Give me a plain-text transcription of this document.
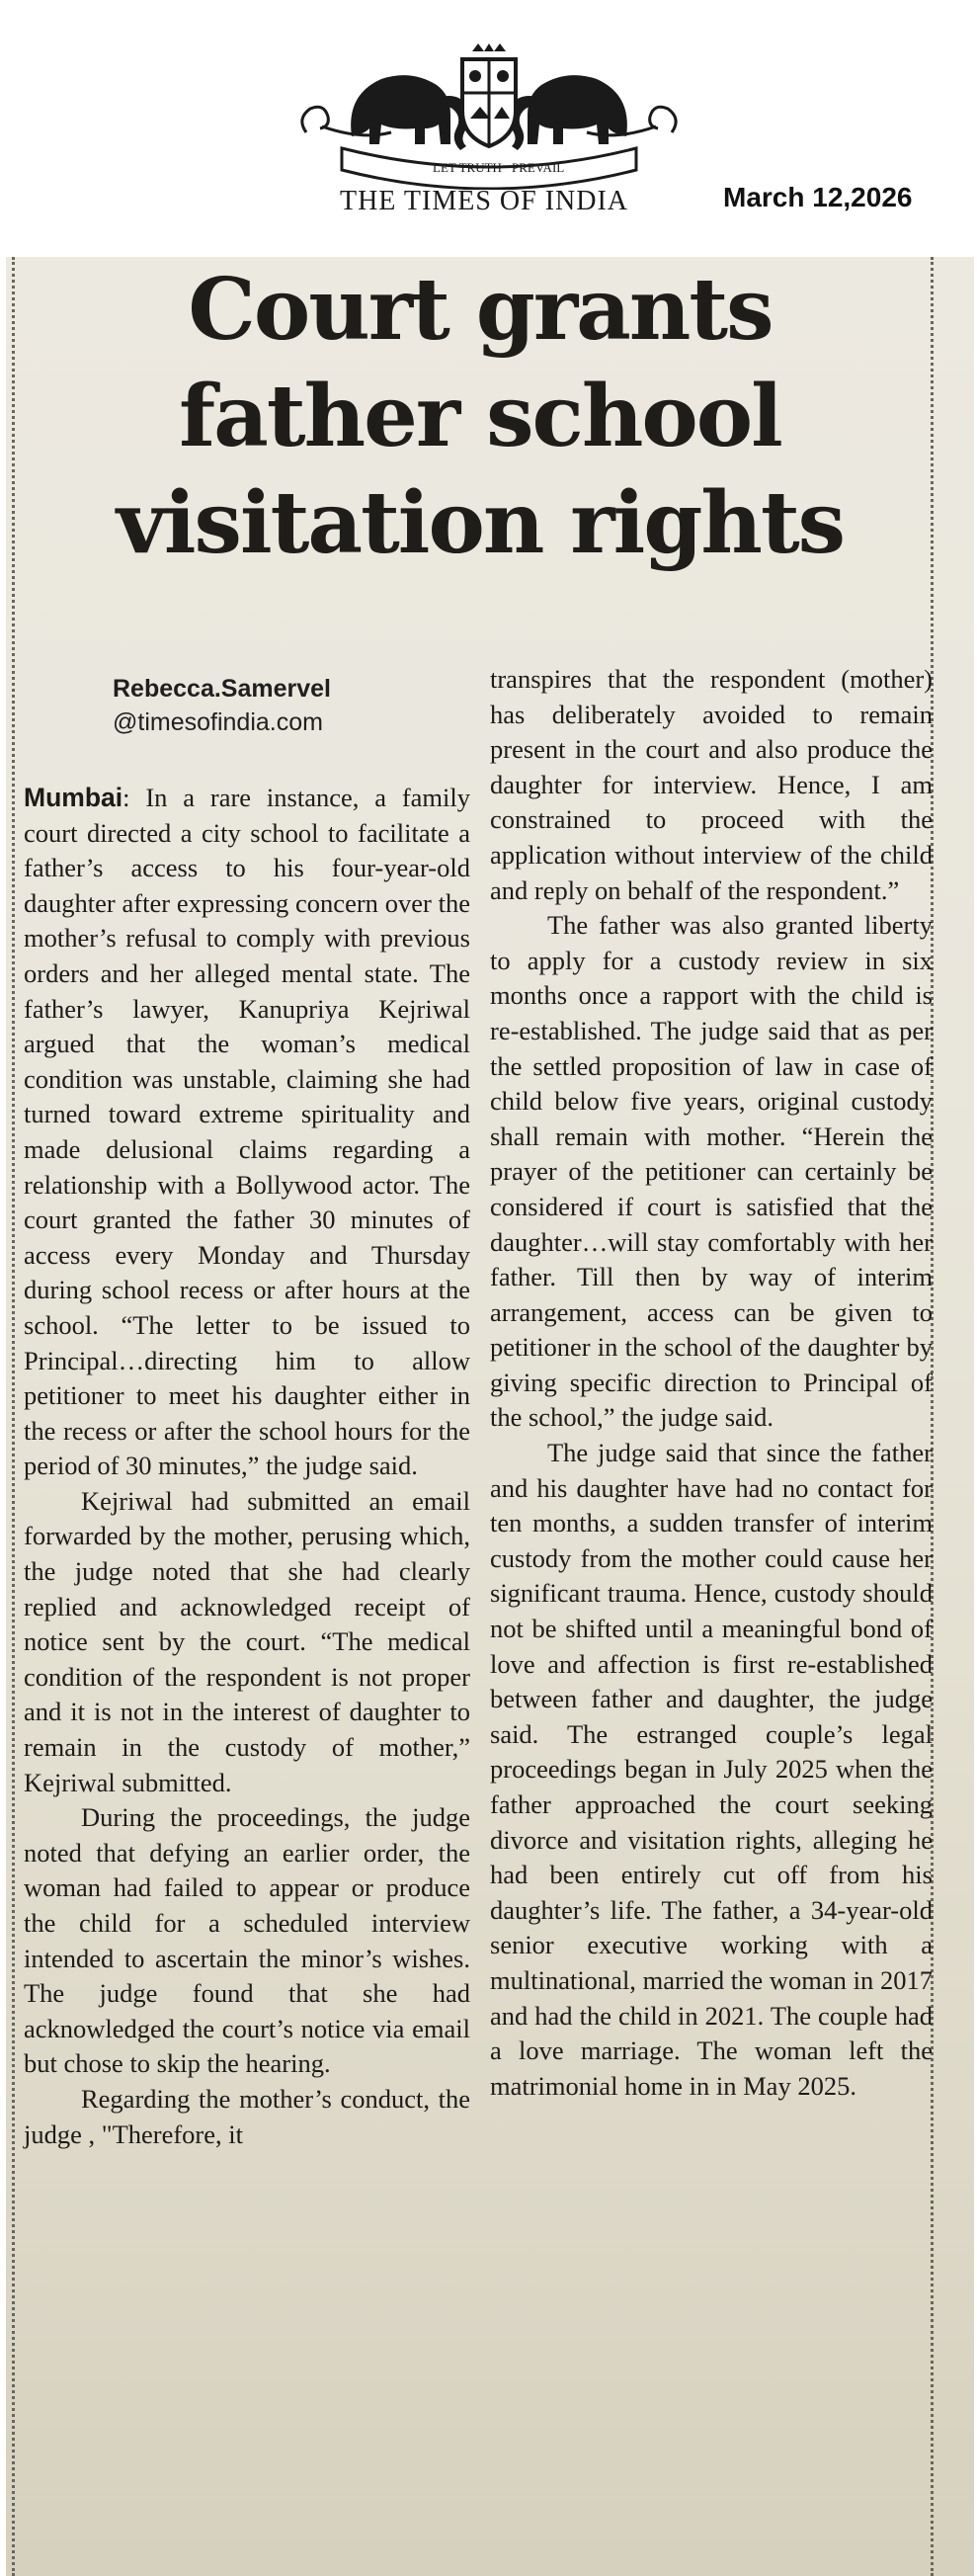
LET TRUTH PREVAIL
THE TIMES OF INDIA	March 12,2026
Court grants
father school
visitation rights
Rebecca.Samervel
@timesofindia.com

Mumbai: In a rare instance, a family court directed a city school to facilitate a father’s access to his four-year-old daughter after expressing concern over the mother’s refusal to comply with previous orders and her alleged mental state. The father’s lawyer, Kanupriya Kejriwal argued that the woman’s medical condition was unstable, claiming she had turned toward extreme spirituality and made delusional claims regarding a relationship with a Bollywood actor. The court granted the father 30 minutes of access every Monday and Thursday during school recess or after hours at the school. “The letter to be issued to Principal…directing him to allow petitioner to meet his daughter either in the recess or after the school hours for the period of 30 minutes,” the judge said.

Kejriwal had submitted an email forwarded by the mother, perusing which, the judge noted that she had clearly replied and acknowledged receipt of notice sent by the court. “The medical condition of the respondent is not proper and it is not in the interest of daughter to remain in the custody of mother,” Kejriwal submitted.

During the proceedings, the judge noted that defying an earlier order, the woman had failed to appear or produce the child for a scheduled interview intended to ascertain the minor’s wishes. The judge found that she had acknowledged the court’s notice via email but chose to skip the hearing.

Regarding the mother’s conduct, the judge , "Therefore, it

transpires that the respondent (mother) has deliberately avoided to remain present in the court and also produce the daughter for interview. Hence, I am constrained to proceed with the application without interview of the child and reply on behalf of the respondent.”

The father was also granted liberty to apply for a custody review in six months once a rapport with the child is re-established. The judge said that as per the settled proposition of law in case of child below five years, original custody shall remain with mother. “Herein the prayer of the petitioner can certainly be considered if court is satisfied that the daughter…will stay comfortably with her father. Till then by way of interim arrangement, access can be given to petitioner in the school of the daughter by giving specific direction to Principal of the school,” the judge said.

The judge said that since the father and his daughter have had no contact for ten months, a sudden transfer of interim custody from the mother could cause her significant trauma. Hence, custody should not be shifted until a meaningful bond of love and affection is first re-established between father and daughter, the judge said. The estranged couple’s legal proceedings began in July 2025 when the father approached the court seeking divorce and visitation rights, alleging he had been entirely cut off from his daughter’s life. The father, a 34-year-old senior executive working with a multinational, married the woman in 2017 and had the child in 2021. The couple had a love marriage. The woman left the matrimonial home in in May 2025.
